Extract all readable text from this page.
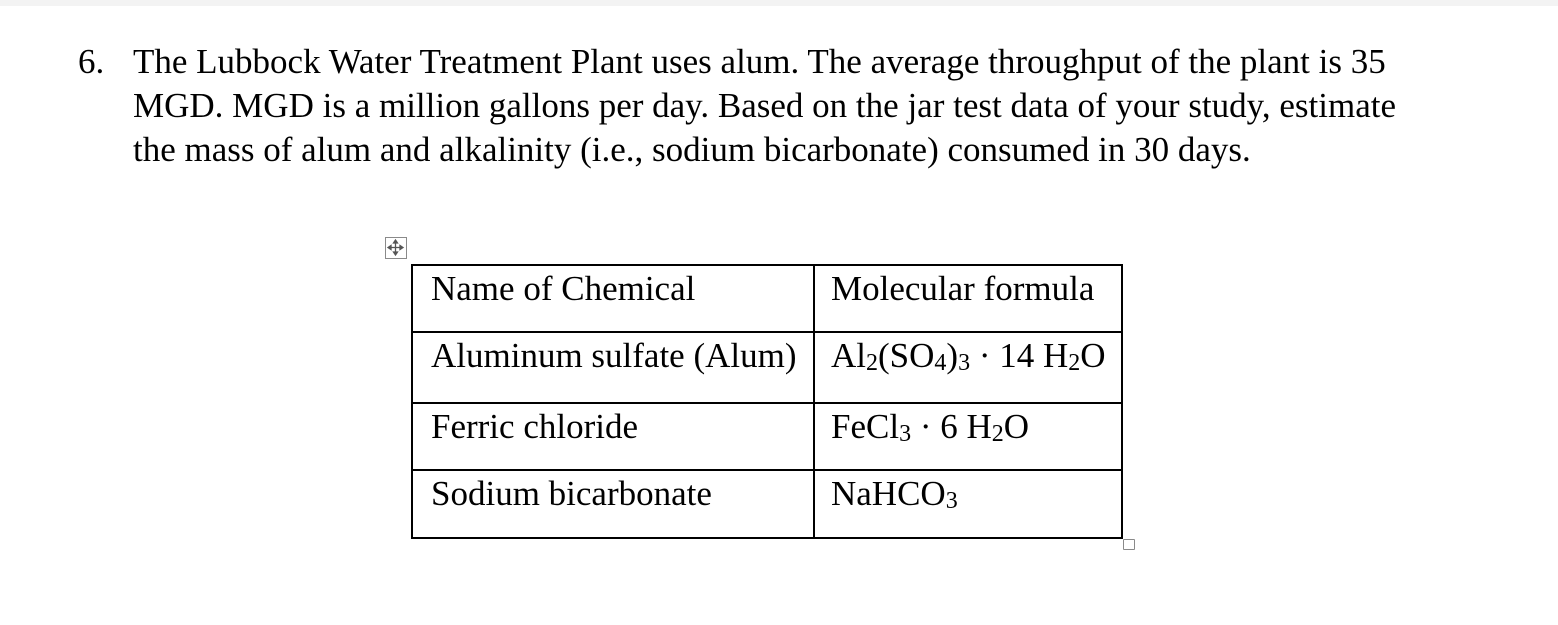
6. The Lubbock Water Treatment Plant uses alum. The average throughput of the plant is 35
MGD. MGD is a million gallons per day. Based on the jar test data of your study, estimate
the mass of alum and alkalinity (i.e., sodium bicarbonate) consumed in 30 days.
Name of Chemical	Molecular formula
Aluminum sulfate (Alum)	$Al_2(SO_4)_3 \cdot 14$ $H_2O$
Ferric chloride	FeCl$_3$ · 6 $H_2O$
Sodium bicarbonate	NaHCO$_3$
